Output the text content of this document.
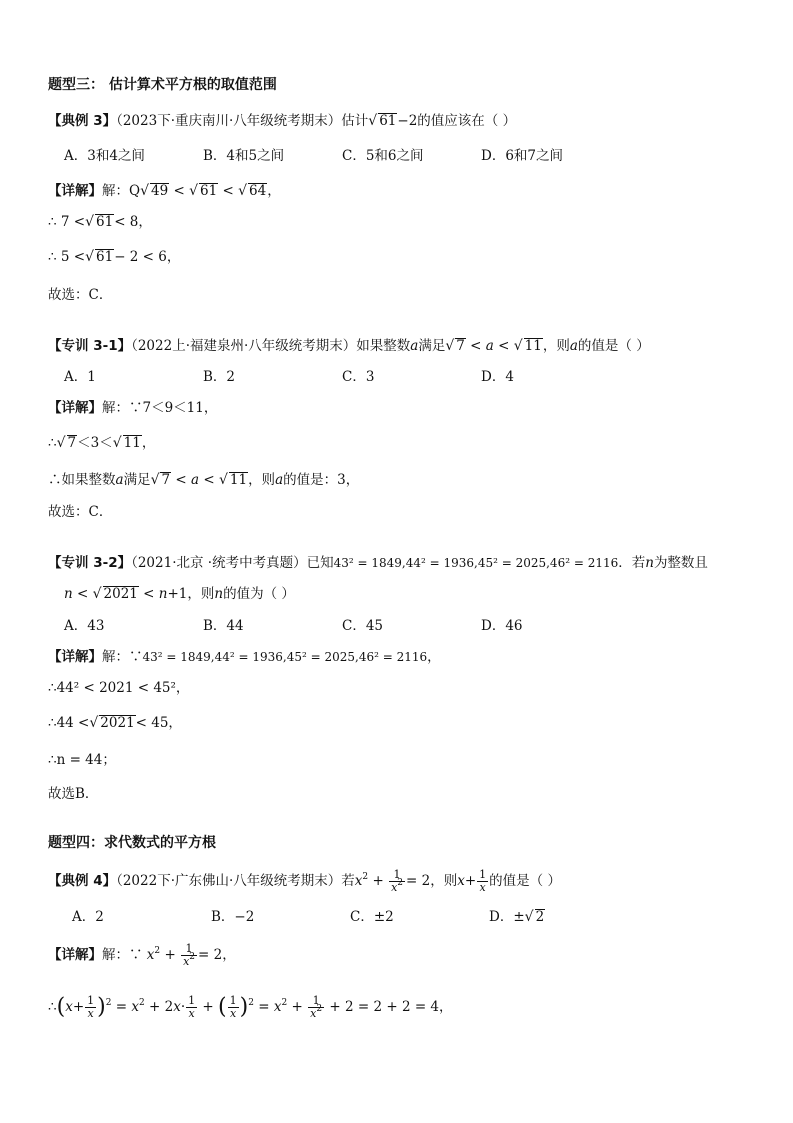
题型三： 估计算术平方根的取值范围
【典例 3】（2023下·重庆南川·八年级统考期末）估计√ 61−2的值应该在（ ）
A．3和4之间	B．4和5之间	C．5和6之间	D．6和7之间
【详解】解：Q√ 49 < √ 61 < √ 64，
∴ 7 <√ 61< 8，
∴ 5 <√ 61− 2 < 6，
故选：C．
【专训 3-1】（2022上·福建泉州·八年级统考期末）如果整数a满足√ 7 < a < √ 11，则a的值是（ ）
A．1	B．2	C．3	D．4
【详解】解：∵7＜9＜11，
∴√ 7＜3＜√ 11，
∴如果整数a满足√ 7 < a < √ 11，则a的值是：3，
故选：C．
【专训 3-2】（2021·北京 ·统考中考真题）已知43² = 1849,44² = 1936,45² = 2025,46² = 2116．若n为整数且
n < √ 2021 < n+1，则n的值为（ ）
A．43	B．44	C．45	D．46
【详解】解：∵43² = 1849,44² = 1936,45² = 2025,46² = 2116，
∴44² < 2021 < 45²，
∴44 <√ 2021< 45，
∴n = 44；
故选B．
题型四：求代数式的平方根
【典例 4】（2022下·广东佛山·八年级统考期末）若$x^2 + \frac{1}{x^2} = 2$，则$x+ \frac{1}{x}$ 的值是（ ）
A．2	B．−2	C．±2	D．±√ 2
【详解】解：∵ $x^2 + \frac{1}{x^2} = 2$，
∴(x+ $\frac{1}{x} )^2 = x^2 + 2x\cdot \frac{1}{x}$ + ( $\frac{1}{x} )^2 = x^2 + \frac{1}{x^2} + 2 = 2 + 2 = 4$，
